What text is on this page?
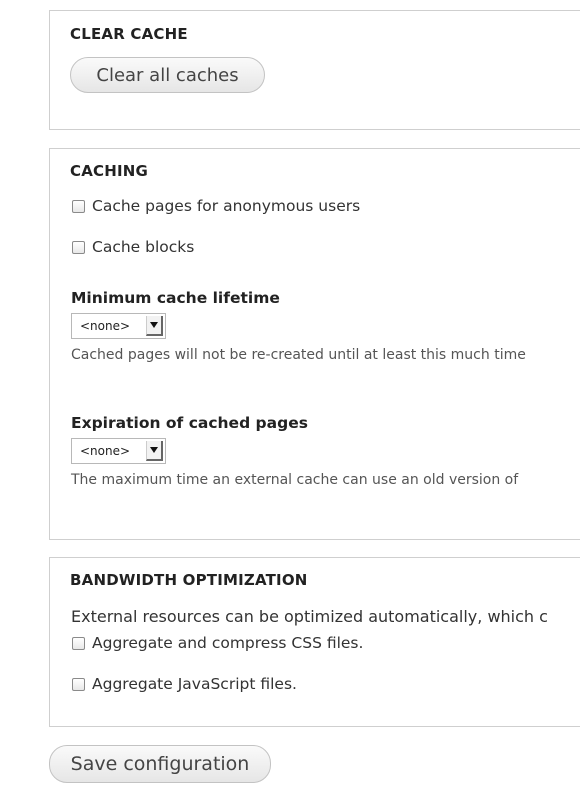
CLEAR CACHE
Clear all caches
CACHING
Cache pages for anonymous users
Cache blocks
Minimum cache lifetime
<none>
Cached pages will not be re-created until at least this much time
Expiration of cached pages
<none>
The maximum time an external cache can use an old version of
BANDWIDTH OPTIMIZATION
External resources can be optimized automatically, which c
Aggregate and compress CSS files.
Aggregate JavaScript files.
Save configuration
